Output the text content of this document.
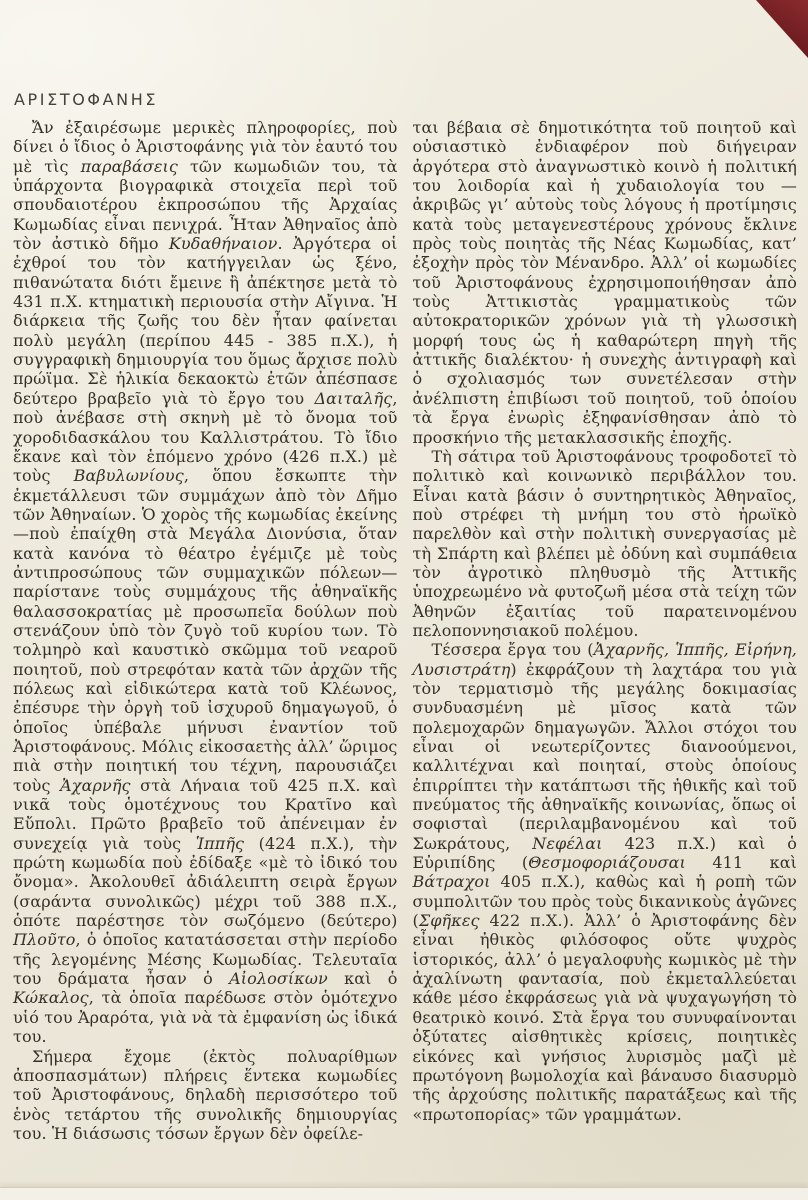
ΑΡΙΣΤΟΦΑΝΗΣ

Ἄν ἐξαιρέσωμε μερικὲς πληροφορίες, ποὺ δίνει ὁ ἴδιος ὁ Ἀριστοφάνης γιὰ τὸν ἑαυτό του μὲ τὶς παραβάσεις τῶν κωμωδιῶν του, τὰ ὑπάρχοντα βιογραφικὰ στοιχεῖα περὶ τοῦ σπουδαιοτέρου ἐκπροσώπου τῆς Ἀρχαίας Κωμωδίας εἶναι πενιχρά. Ἦταν Ἀθηναῖος ἀπὸ τὸν ἀστικὸ δῆμο Κυδαθήναιον. Ἀργότερα οἱ ἐχθροί του τὸν κατήγγειλαν ὡς ξένο, πιθανώτατα διότι ἔμεινε ἢ ἀπέκτησε μετὰ τὸ 431 π.Χ. κτηματικὴ περιουσία στὴν Αἴγινα. Ἡ διάρκεια τῆς ζωῆς του δὲν ἦταν φαίνεται πολὺ μεγάλη (περίπου 445 - 385 π.Χ.), ἡ συγγραφικὴ δημιουργία του ὅμως ἄρχισε πολὺ πρώϊμα. Σὲ ἡλικία δεκαοκτὼ ἐτῶν ἀπέσπασε δεύτερο βραβεῖο γιὰ τὸ ἔργο του Δαιταλῆς, ποὺ ἀνέβασε στὴ σκηνὴ μὲ τὸ ὄνομα τοῦ χοροδιδασκάλου του Καλλιστράτου. Τὸ ἴδιο ἔκανε καὶ τὸν ἑπόμενο χρόνο (426 π.Χ.) μὲ τοὺς Βαβυλωνίους, ὅπου ἔσκωπτε τὴν ἐκμετάλλευσι τῶν συμμάχων ἀπὸ τὸν Δῆμο τῶν Ἀθηναίων. Ὁ χορὸς τῆς κωμωδίας ἐκείνης —ποὺ ἐπαίχθη στὰ Μεγάλα Διονύσια, ὅταν κατὰ κανόνα τὸ θέατρο ἐγέμιζε μὲ τοὺς ἀντιπροσώπους τῶν συμμαχικῶν πόλεων— παρίστανε τοὺς συμμάχους τῆς ἀθηναϊκῆς θαλασσοκρατίας μὲ προσωπεῖα δούλων ποὺ στενάζουν ὑπὸ τὸν ζυγὸ τοῦ κυρίου των. Τὸ τολμηρὸ καὶ καυστικὸ σκῶμμα τοῦ νεαροῦ ποιητοῦ, ποὺ στρεφόταν κατὰ τῶν ἀρχῶν τῆς πόλεως καὶ εἰδικώτερα κατὰ τοῦ Κλέωνος, ἐπέσυρε τὴν ὀργὴ τοῦ ἰσχυροῦ δημαγωγοῦ, ὁ ὁποῖος ὑπέβαλε μήνυσι ἐναντίον τοῦ Ἀριστοφάνους. Μόλις εἰκοσαετὴς ἀλλ’ ὥριμος πιὰ στὴν ποιητική του τέχνη, παρουσιάζει τοὺς Ἀχαρνῆς στὰ Λήναια τοῦ 425 π.Χ. καὶ νικᾶ τοὺς ὁμοτέχνους του Κρατῖνο καὶ Εὔπολι. Πρῶτο βραβεῖο τοῦ ἀπένειμαν ἐν συνεχείᾳ γιὰ τοὺς Ἱππῆς (424 π.Χ.), τὴν πρώτη κωμωδία ποὺ ἐδίδαξε «μὲ τὸ ἰδικό του ὄνομα». Ἀκολουθεῖ ἀδιάλειπτη σειρὰ ἔργων (σαράντα συνολικῶς) μέχρι τοῦ 388 π.Χ., ὁπότε παρέστησε τὸν σωζόμενο (δεύτερο) Πλοῦτο, ὁ ὁποῖος κατατάσσεται στὴν περίοδο τῆς λεγομένης Μέσης Κωμωδίας. Τελευταῖα του δράματα ἦσαν ὁ Αἰολοσίκων καὶ ὁ Κώκαλος, τὰ ὁποῖα παρέδωσε στὸν ὁμότεχνο υἱό του Ἀραρότα, γιὰ νὰ τὰ ἐμφανίση ὡς ἰδικά του.

Σήμερα ἔχομε (ἐκτὸς πολυαρίθμων ἀποσπασμάτων) πλήρεις ἕντεκα κωμωδίες τοῦ Ἀριστοφάνους, δηλαδὴ περισσότερο τοῦ ἑνὸς τετάρτου τῆς συνολικῆς δημιουργίας του. Ἡ διάσωσις τόσων ἔργων δὲν ὀφείλε-

ται βέβαια σὲ δημοτικότητα τοῦ ποιητοῦ καὶ οὐσιαστικὸ ἐνδιαφέρον ποὺ διήγειραν ἀργότερα στὸ ἀναγνωστικὸ κοινὸ ἡ πολιτική του λοιδορία καὶ ἡ χυδαιολογία του —ἀκριβῶς γι’ αὐτοὺς τοὺς λόγους ἡ προτίμησις κατὰ τοὺς μεταγενεστέρους χρόνους ἔκλινε πρὸς τοὺς ποιητὰς τῆς Νέας Κωμωδίας, κατ’ ἐξοχὴν πρὸς τὸν Μένανδρο. Ἀλλ’ οἱ κωμωδίες τοῦ Ἀριστοφάνους ἐχρησιμοποιήθησαν ἀπὸ τοὺς Ἀττικιστὰς γραμματικοὺς τῶν αὐτοκρατορικῶν χρόνων γιὰ τὴ γλωσσικὴ μορφή τους ὡς ἡ καθαρώτερη πηγὴ τῆς ἀττικῆς διαλέκτου· ἡ συνεχὴς ἀντιγραφὴ καὶ ὁ σχολιασμός των συνετέλεσαν στὴν ἀνέλπιστη ἐπιβίωσι τοῦ ποιητοῦ, τοῦ ὁποίου τὰ ἔργα ἐνωρὶς ἐξηφανίσθησαν ἀπὸ τὸ προσκήνιο τῆς μετακλασσικῆς ἐποχῆς.

Τὴ σάτιρα τοῦ Ἀριστοφάνους τροφοδοτεῖ τὸ πολιτικὸ καὶ κοινωνικὸ περιβάλλον του. Εἶναι κατὰ βάσιν ὁ συντηρητικὸς Ἀθηναῖος, ποὺ στρέφει τὴ μνήμη του στὸ ἡρωϊκὸ παρελθὸν καὶ στὴν πολιτικὴ συνεργασίας μὲ τὴ Σπάρτη καὶ βλέπει μὲ ὀδύνη καὶ συμπάθεια τὸν ἀγροτικὸ πληθυσμὸ τῆς Ἀττικῆς ὑποχρεωμένο νὰ φυτοζωῆ μέσα στὰ τείχη τῶν Ἀθηνῶν ἐξαιτίας τοῦ παρατεινομένου πελοποννησιακοῦ πολέμου.

Τέσσερα ἔργα του (Ἀχαρνῆς, Ἱππῆς, Εἰρήνη, Λυσιστράτη) ἐκφράζουν τὴ λαχτάρα του γιὰ τὸν τερματισμὸ τῆς μεγάλης δοκιμασίας συνδυασμένη μὲ μῖσος κατὰ τῶν πολεμοχαρῶν δημαγωγῶν. Ἄλλοι στόχοι του εἶναι οἱ νεωτερίζοντες διανοούμενοι, καλλιτέχναι καὶ ποιηταί, στοὺς ὁποίους ἐπιρρίπτει τὴν κατάπτωσι τῆς ἠθικῆς καὶ τοῦ πνεύματος τῆς ἀθηναϊκῆς κοινωνίας, ὅπως οἱ σοφισταὶ (περιλαμβανομένου καὶ τοῦ Σωκράτους, Νεφέλαι 423 π.Χ.) καὶ ὁ Εὐριπίδης (Θεσμοφοριάζουσαι 411 καὶ Βάτραχοι 405 π.Χ.), καθὼς καὶ ἡ ροπὴ τῶν συμπολιτῶν του πρὸς τοὺς δικανικοὺς ἀγῶνες (Σφῆκες 422 π.Χ.). Ἀλλ’ ὁ Ἀριστοφάνης δὲν εἶναι ἠθικὸς φιλόσοφος οὔτε ψυχρὸς ἱστορικός, ἀλλ’ ὁ μεγαλοφυὴς κωμικὸς μὲ τὴν ἀχαλίνωτη φαντασία, ποὺ ἐκμεταλλεύεται κάθε μέσο ἐκφράσεως γιὰ νὰ ψυχαγωγήση τὸ θεατρικὸ κοινό. Στὰ ἔργα του συνυφαίνονται ὀξύτατες αἰσθητικὲς κρίσεις, ποιητικὲς εἰκόνες καὶ γνήσιος λυρισμὸς μαζὶ μὲ πρωτόγονη βωμολοχία καὶ βάναυσο διασυρμὸ τῆς ἀρχούσης πολιτικῆς παρατάξεως καὶ τῆς «πρωτοπορίας» τῶν γραμμάτων.
